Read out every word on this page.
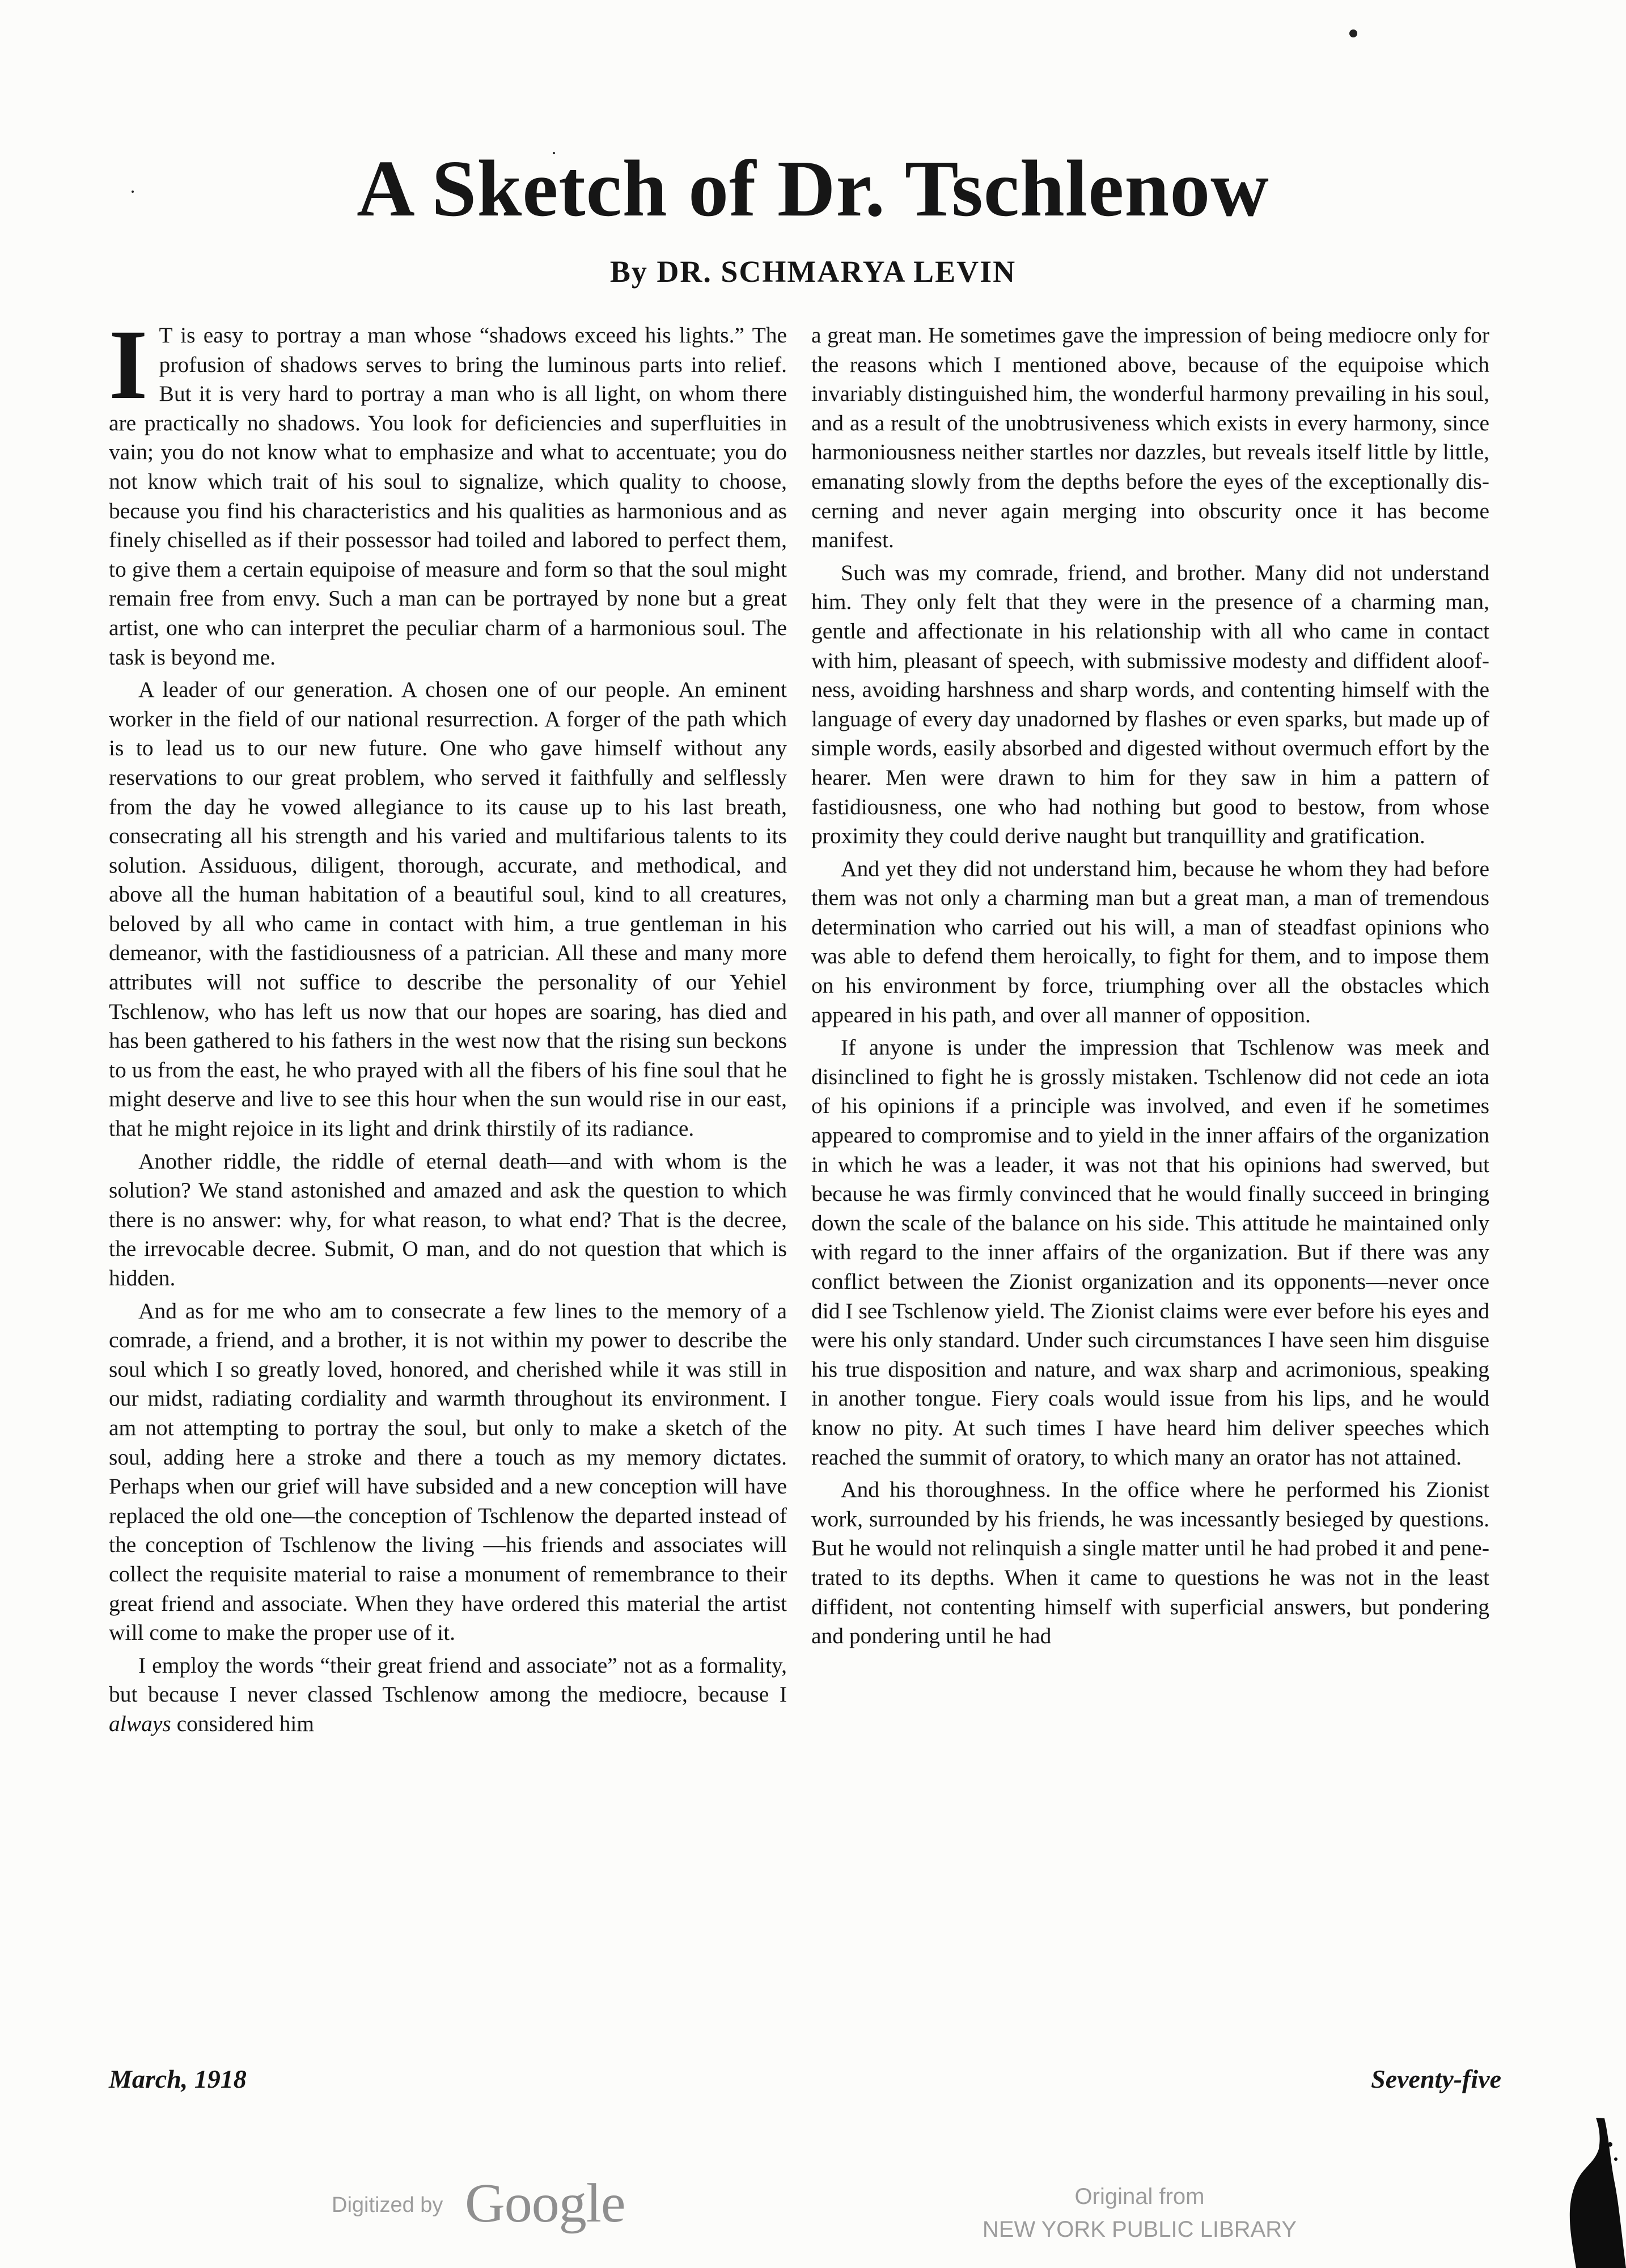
A Sketch of Dr. Tschlenow
By DR. SCHMARYA LEVIN

I T is easy to portray a man whose “shadows exceed his lights.” The profusion of shadows serves to bring the luminous parts into relief. But it is very hard to portray a man who is all light, on whom there are practically no shadows. You look for deficiencies and superfluities in vain; you do not know what to emphasize and what to accentuate; you do not know which trait of his soul to signalize, which quality to choose, because you find his characteristics and his qualities as harmonious and as finely chiselled as if their possessor had toiled and labored to perfect them, to give them a certain equipoise of measure and form so that the soul might remain free from envy. Such a man can be portrayed by none but a great artist, one who can interpret the peculiar charm of a harmonious soul. The task is beyond me.

A leader of our generation. A chosen one of our people. An eminent worker in the field of our national resurrection. A forger of the path which is to lead us to our new future. One who gave himself without any reservations to our great problem, who served it faithfully and selflessly from the day he vowed allegiance to its cause up to his last breath, consecrating all his strength and his varied and multifarious talents to its solution. Assiduous, diligent, thorough, accurate, and methodical, and above all the human habitation of a beautiful soul, kind to all creatures, beloved by all who came in contact with him, a true gentleman in his demeanor, with the fastidiousness of a patrician. All these and many more attributes will not suffice to describe the personality of our Yehiel Tschlenow, who has left us now that our hopes are soaring, has died and has been gathered to his fathers in the west now that the rising sun beckons to us from the east, he who prayed with all the fibers of his fine soul that he might deserve and live to see this hour when the sun would rise in our east, that he might rejoice in its light and drink thirstily of its radiance.

Another riddle, the riddle of eternal death—and with whom is the solution? We stand astonished and amazed and ask the question to which there is no answer: why, for what reason, to what end? That is the decree, the irrevocable decree. Submit, O man, and do not question that which is hidden.

And as for me who am to consecrate a few lines to the memory of a comrade, a friend, and a brother, it is not within my power to describe the soul which I so greatly loved, honored, and cherished while it was still in our midst, radiating cordiality and warmth throughout its environment. I am not attempting to portray the soul, but only to make a sketch of the soul, adding here a stroke and there a touch as my memory dictates. Perhaps when our grief will have subsided and a new conception will have replaced the old one—the conception of Tschlenow the departed instead of the conception of Tschlenow the living —his friends and associates will collect the requisite material to raise a monument of remembrance to their great friend and associate. When they have ordered this material the artist will come to make the proper use of it.

I employ the words “their great friend and associate” not as a formality, but because I never classed Tschlenow among the mediocre, because I always considered him

a great man. He sometimes gave the impression of being mediocre only for the reasons which I mentioned above, because of the equipoise which invariably distinguished him, the wonderful harmony prevailing in his soul, and as a result of the unobtrusiveness which exists in every harmony, since harmoniousness neither startles nor dazzles, but reveals itself little by little, emanating slowly from the depths before the eyes of the exceptionally discerning and never again merging into obscurity once it has become manifest.

Such was my comrade, friend, and brother. Many did not understand him. They only felt that they were in the presence of a charming man, gentle and affectionate in his relationship with all who came in contact with him, pleasant of speech, with submissive modesty and diffident aloofness, avoiding harshness and sharp words, and contenting himself with the language of every day unadorned by flashes or even sparks, but made up of simple words, easily absorbed and digested without overmuch effort by the hearer. Men were drawn to him for they saw in him a pattern of fastidiousness, one who had nothing but good to bestow, from whose proximity they could derive naught but tranquillity and gratification.

And yet they did not understand him, because he whom they had before them was not only a charming man but a great man, a man of tremendous determination who carried out his will, a man of steadfast opinions who was able to defend them heroically, to fight for them, and to impose them on his environment by force, triumphing over all the obstacles which appeared in his path, and over all manner of opposition.

If anyone is under the impression that Tschlenow was meek and disinclined to fight he is grossly mistaken. Tschlenow did not cede an iota of his opinions if a principle was involved, and even if he sometimes appeared to compromise and to yield in the inner affairs of the organization in which he was a leader, it was not that his opinions had swerved, but because he was firmly convinced that he would finally succeed in bringing down the scale of the balance on his side. This attitude he maintained only with regard to the inner affairs of the organization. But if there was any conflict between the Zionist organization and its opponents—never once did I see Tschlenow yield. The Zionist claims were ever before his eyes and were his only standard. Under such circumstances I have seen him disguise his true disposition and nature, and wax sharp and acrimonious, speaking in another tongue. Fiery coals would issue from his lips, and he would know no pity. At such times I have heard him deliver speeches which reached the summit of oratory, to which many an orator has not attained.

And his thoroughness. In the office where he performed his Zionist work, surrounded by his friends, he was incessantly besieged by questions. But he would not relinquish a single matter until he had probed it and penetrated to its depths. When it came to questions he was not in the least diffident, not contenting himself with superficial answers, but pondering and pondering until he had

March, 1918	Seventy-five
Digitized by Google	Original from
NEW YORK PUBLIC LIBRARY
